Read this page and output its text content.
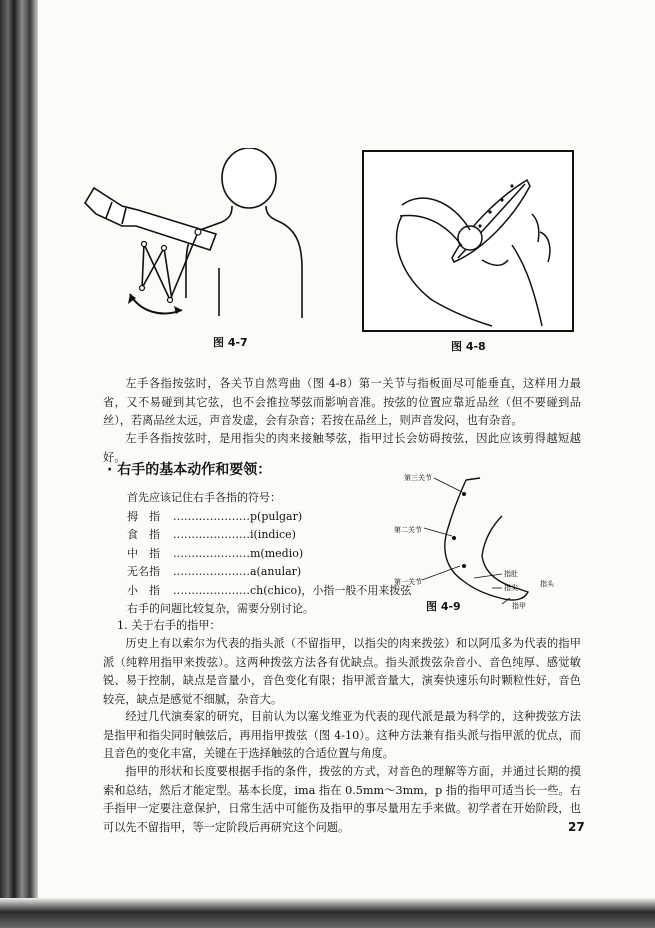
图 4-7	图 4-8

左手各指按弦时，各关节自然弯曲（图 4-8）第一关节与指板面尽可能垂直，这样用力最省，又不易碰到其它弦，也不会推拉琴弦而影响音准。按弦的位置应靠近品丝（但不要碰到品丝），若离品丝太远，声音发虚，会有杂音；若按在品丝上，则声音发闷，也有杂音。

左手各指按弦时，是用指尖的肉来接触琴弦，指甲过长会妨碍按弦，因此应该剪得越短越好。

· 右手的基本动作和要领：	第三关节
第二关节
第一关节
指肚
指头
指尖
指甲
图 4-9
首先应该记住右手各指的符号：
拇　指 …………………p(pulgar)
食　指 …………………i(indice)
中　指 …………………m(medio)
无名指 …………………a(anular)
小　指 …………………ch(chico)，小指一般不用来拨弦
右手的问题比较复杂，需要分别讨论。
1. 关于右手的指甲：

历史上有以索尔为代表的指头派（不留指甲，以指尖的肉来拨弦）和以阿瓜多为代表的指甲派（纯粹用指甲来拨弦）。这两种拨弦方法各有优缺点。指头派拨弦杂音小、音色纯厚、感觉敏锐、易于控制，缺点是音量小，音色变化有限；指甲派音量大，演奏快速乐句时颗粒性好，音色较亮，缺点是感觉不细腻，杂音大。

经过几代演奏家的研究，目前认为以塞戈维亚为代表的现代派是最为科学的，这种拨弦方法是指甲和指尖同时触弦后，再用指甲拨弦（图 4-10）。这种方法兼有指头派与指甲派的优点，而且音色的变化丰富，关键在于选择触弦的合适位置与角度。

指甲的形状和长度要根据手指的条件，拨弦的方式，对音色的理解等方面，并通过长期的摸索和总结，然后才能定型。基本长度，ima 指在 0.5mm～3mm，p 指的指甲可适当长一些。右手指甲一定要注意保护，日常生活中可能伤及指甲的事尽量用左手来做。初学者在开始阶段，也可以先不留指甲，等一定阶段后再研究这个问题。	27
